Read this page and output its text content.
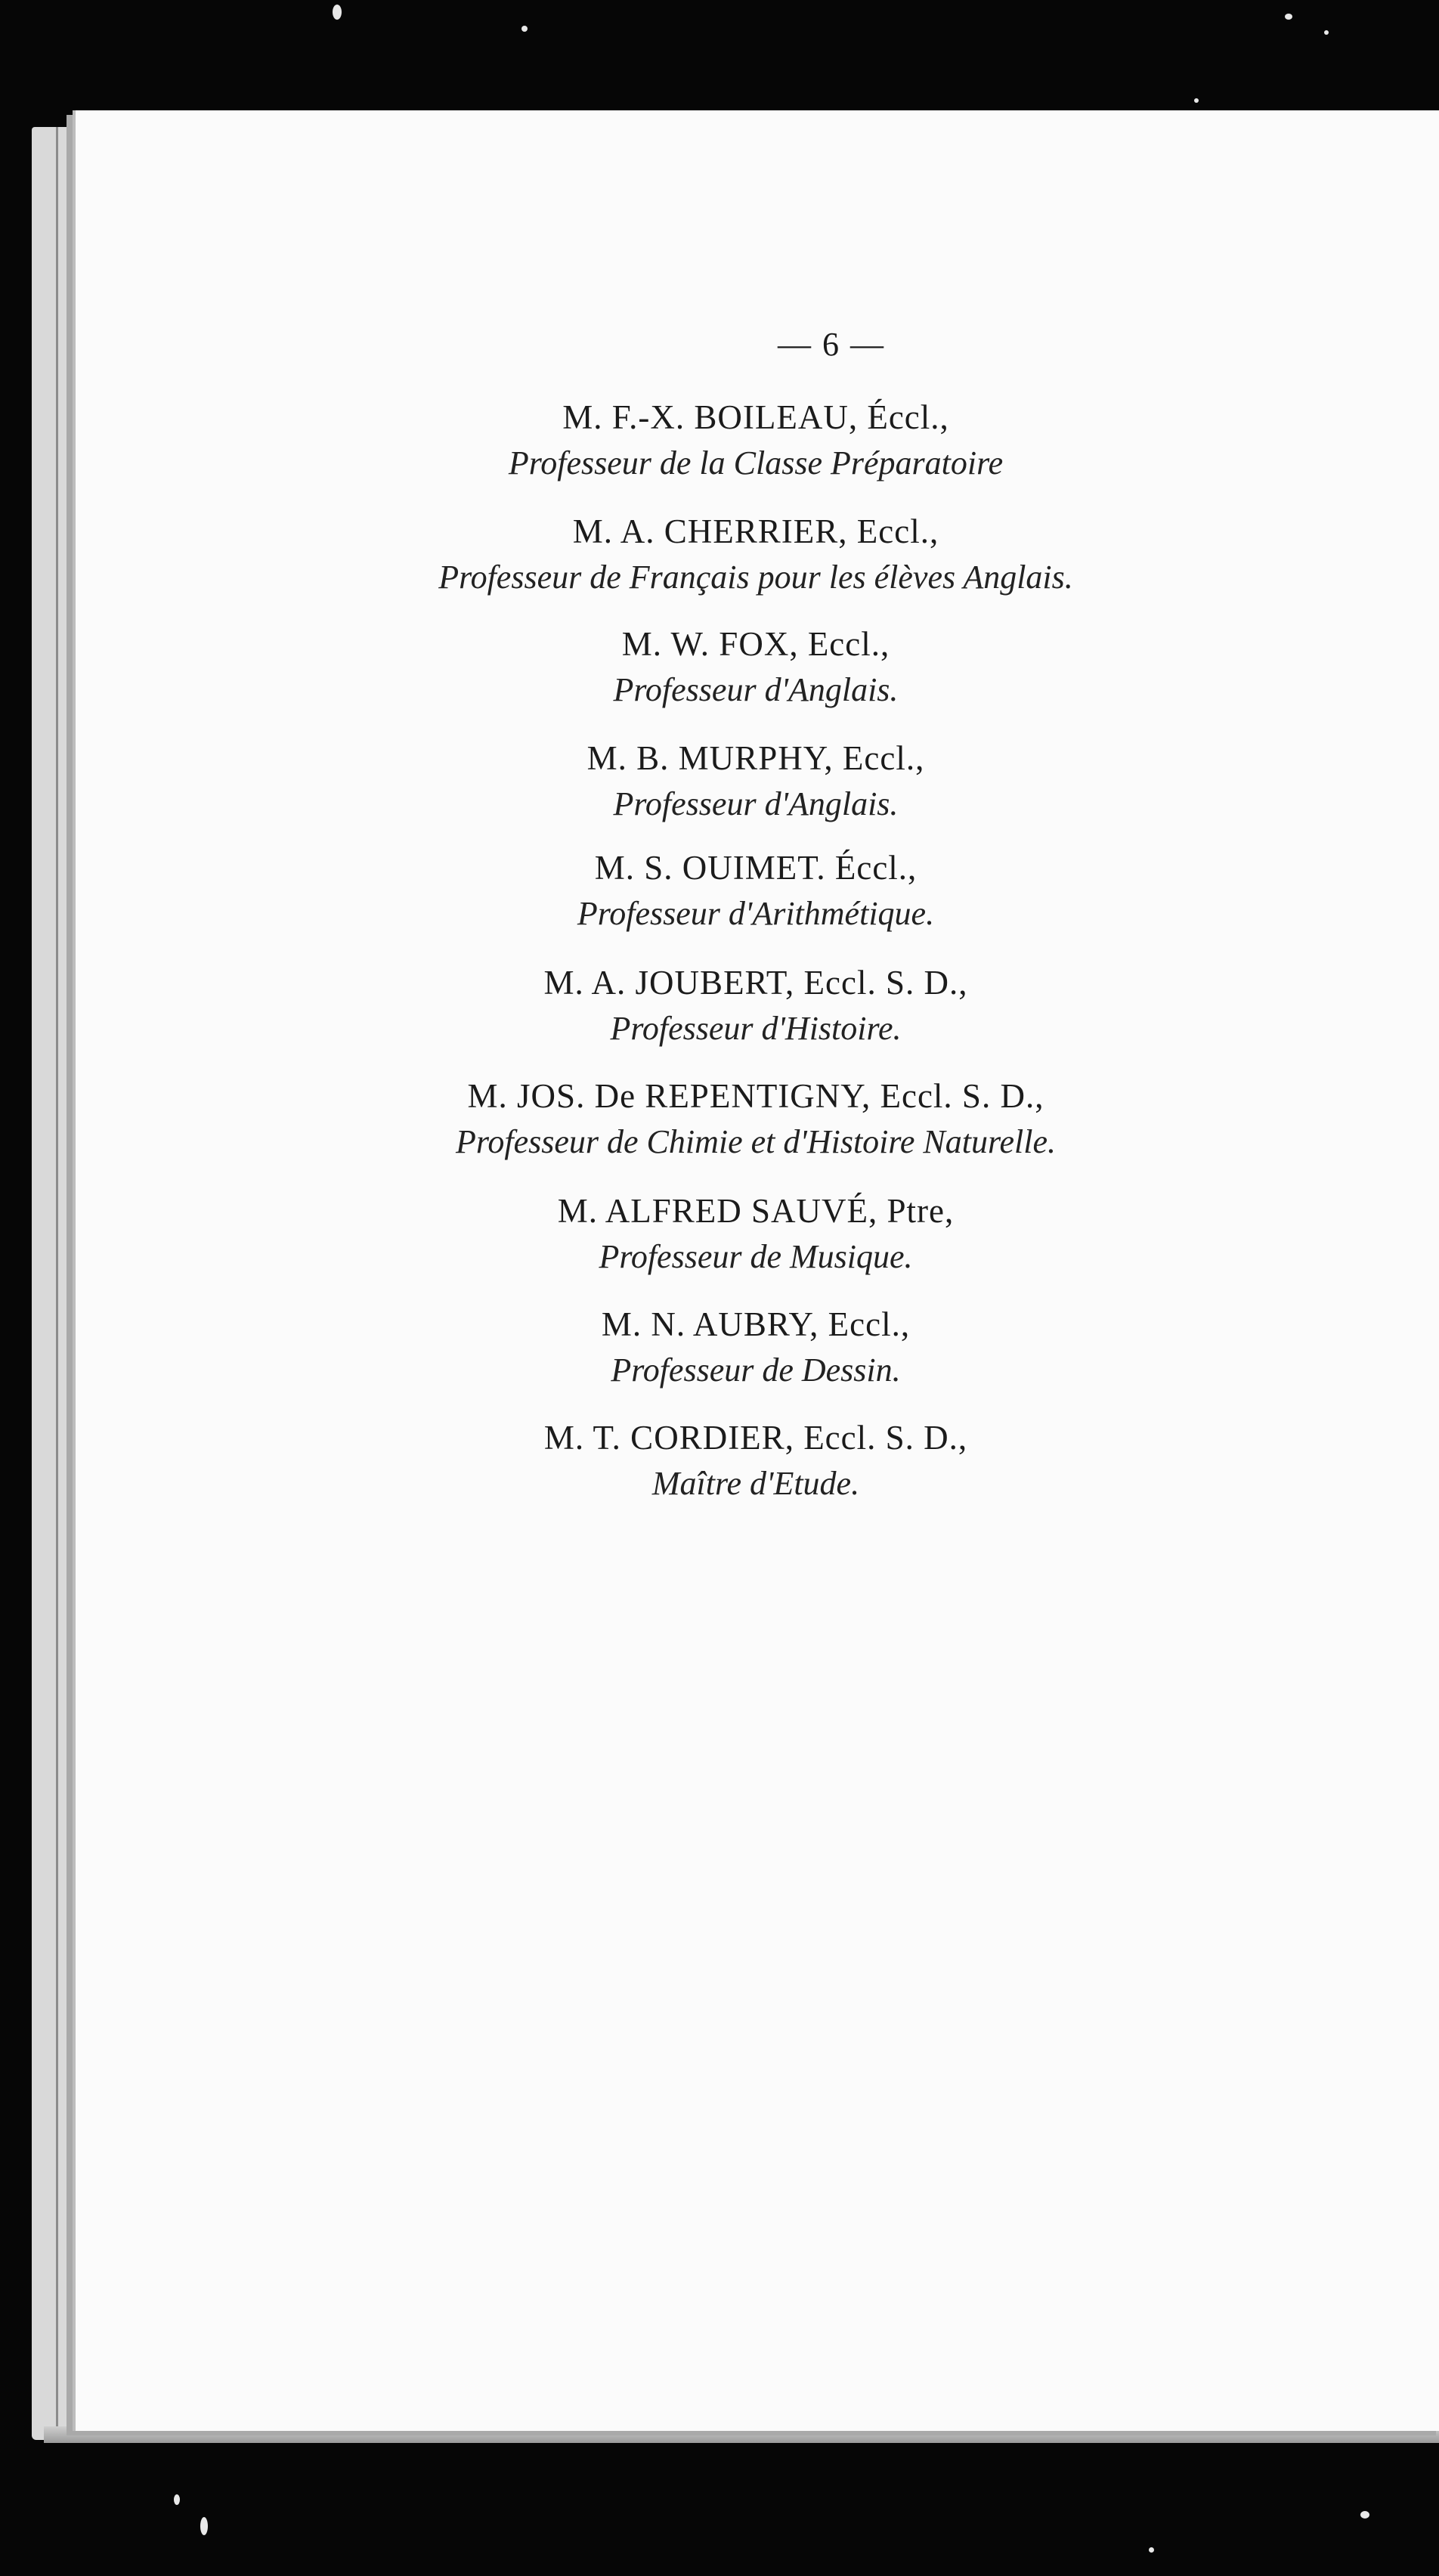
— 6 —
M. F.-X. BOILEAU, Éccl.,
Professeur de la Classe Préparatoire
M. A. CHERRIER, Eccl.,
Professeur de Français pour les élèves Anglais.
M. W. FOX, Eccl.,
Professeur d'Anglais.
M. B. MURPHY, Eccl.,
Professeur d'Anglais.
M. S. OUIMET. Éccl.,
Professeur d'Arithmétique.
M. A. JOUBERT, Eccl. S. D.,
Professeur d'Histoire.
M. JOS. De REPENTIGNY, Eccl. S. D.,
Professeur de Chimie et d'Histoire Naturelle.
M. ALFRED SAUVÉ, Ptre,
Professeur de Musique.
M. N. AUBRY, Eccl.,
Professeur de Dessin.
M. T. CORDIER, Eccl. S. D.,
Maître d'Etude.
